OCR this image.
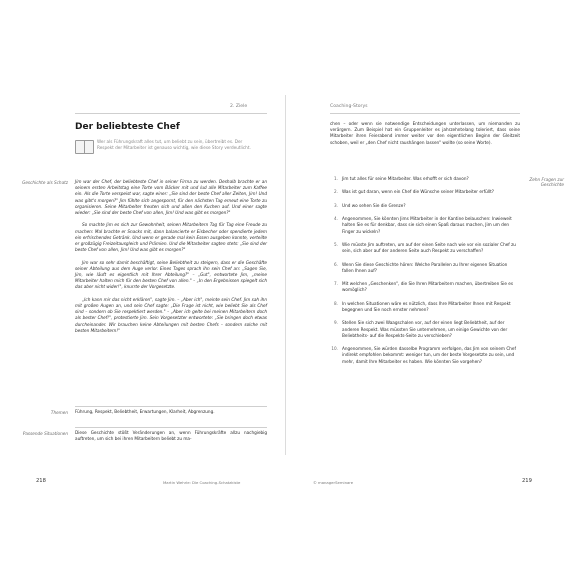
2. Ziele
Der beliebteste Chef
Wer als Führungskraft alles tut, um beliebt zu sein, übertreibt es. Der Respekt der Mitarbeiter ist genauso wichtig, wie diese Story verdeutlicht.
Geschichte als Schatz Jim war der Chef, der beliebteste Chef in seiner Firma zu werden. Deshalb brachte er an seinem ersten Arbeitstag eine Torte vom Bäcker mit und lud alle Mitarbeiter zum Kaffee ein. Als die Torte verspeist war, sagte einer: „Sie sind der beste Chef aller Zeiten, Jim! Und was gibt's morgen?" Jim fühlte sich angespornt, für den nächsten Tag erneut eine Torte zu organisieren. Seine Mitarbeiter freuten sich und aßen den Kuchen auf. Und einer sagte wieder: „Sie sind der beste Chef von allen, Jim! Und was gibt es morgen?"

So machte Jim es sich zur Gewohnheit, seinen Mitarbeitern Tag für Tag eine Freude zu machen: Mal brachte er Snacks mit, dann balancierte er Eisbecher oder spendierte jedem ein erfrischendes Getränk. Und wenn er gerade mal kein Essen ausgeben konnte, verteilte er großzügig Freizeitausgleich und Prämien. Und die Mitarbeiter sagten stets: „Sie sind der beste Chef von allen, Jim! Und was gibt es morgen?"

Jim war so sehr damit beschäftigt, seine Beliebtheit zu steigern, dass er die Geschäfte seiner Abteilung aus dem Auge verlor. Eines Tages sprach ihn sein Chef an: „Sagen Sie, Jim, wie läuft es eigentlich mit Ihrer Abteilung?" – „Gut", entwortete Jim, „meine Mitarbeiter halten mich für den besten Chef von allen." – „In den Ergebnissen spiegelt sich das aber nicht wider!", knurrte der Vorgesetzte.

„Ich kann mir das nicht erklären", sagte Jim. – „Aber ich", meinte sein Chef. Jim sah ihn mit großen Augen an, und sein Chef sagte: „Die Frage ist nicht, wie beliebt Sie als Chef sind – sondern ob Sie respektiert werden." – „Aber ich gelte bei meinen Mitarbeitern doch als bester Chef!", protestierte Jim. Sein Vorgesetzter entwortete: „Sie bringen doch etwas durcheinander. Wir brauchen keine Abteilungen mit besten Chefs – sondern solche mit besten Mitarbeitern!"

Themen Führung, Respekt, Beliebtheit, Erwartungen, Klarheit, Abgrenzung.
Passende Situationen Diese Geschichte stößt Veränderungen an, wenn Führungskräfte allzu nachgiebig auftreten, um sich bei ihren Mitarbeitern beliebt zu ma-
218	Martin Wehrle: Die Coaching-Schatzkiste
Coaching-Storys
chen – oder wenn sie notwendige Entscheidungen unterlassen, um niemanden zu verärgern. Zum Beispiel hat ein Gruppenleiter es jahrzehntelang toleriert, dass seine Mitarbeiter ihren Feierabend immer weiter vor den eigentlichen Beginn der Gleitzeit schoben, weil er „den Chef nicht raushängen lassen" wollte (so seine Worte).
Zehn Fragen zur Geschichte
1. Jim tut alles für seine Mitarbeiter. Was erhofft er sich davon?
2. Was ist gut daran, wenn ein Chef die Wünsche seiner Mitarbeiter erfüllt?
3. Und wo sehen Sie die Grenze?
4. Angenommen, Sie könnten Jims Mitarbeiter in der Kantine belauschen: Inwieweit halten Sie es für denkbar, dass sie sich einen Spaß daraus machen, Jim um den Finger zu wickeln?
5. Wie müsste Jim auftreten, um auf der einen Seite nach wie vor ein sozialer Chef zu sein, sich aber auf der anderen Seite auch Respekt zu verschaffen?
6. Wenn Sie diese Geschichte hören: Welche Parallelen zu Ihrer eigenen Situation fallen Ihnen auf?
7. Mit welchen „Geschenken", die Sie Ihren Mitarbeitern machen, übertreiben Sie es womöglich?
8. In welchen Situationen wäre es nützlich, dass Ihre Mitarbeiter Ihnen mit Respekt begegnen und Sie noch ernster nehmen?
9. Stellen Sie sich zwei Waagschalen vor, auf der einen liegt Beliebtheit, auf der anderen Respekt. Was müssten Sie unternehmen, um einige Gewichte von der Beliebtheits- auf die Respekts-Seite zu verschieben?
10. Angenommen, Sie würden dasselbe Programm verfolgen, das Jim von seinem Chef indirekt empfohlen bekommt: weniger tun, um der beste Vorgesetzte zu sein, und mehr, damit Ihre Mitarbeiter es haben. Wie könnten Sie vorgehen?
© managerSeminare	219
